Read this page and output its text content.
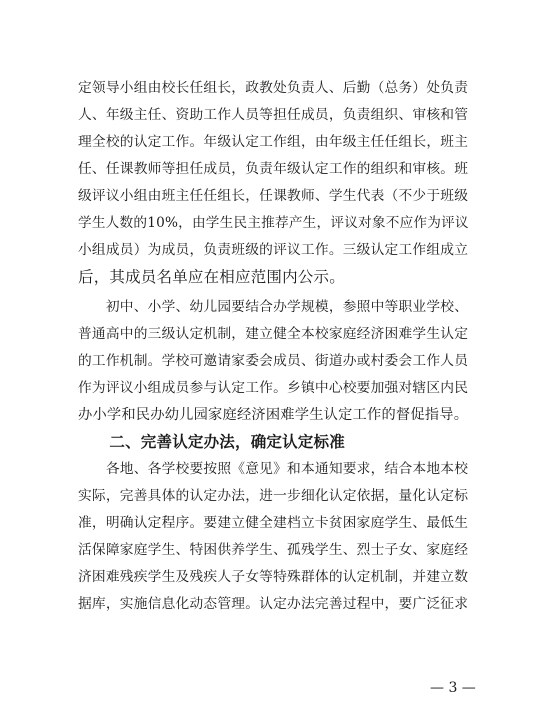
定领导小组由校长任组长，政教处负责人、后勤（总务）处负责
人、年级主任、资助工作人员等担任成员，负责组织、审核和管
理全校的认定工作。年级认定工作组，由年级主任任组长，班主
任、任课教师等担任成员，负责年级认定工作的组织和审核。班
级评议小组由班主任任组长，任课教师、学生代表（不少于班级
学生人数的10%，由学生民主推荐产生，评议对象不应作为评议
小组成员）为成员，负责班级的评议工作。三级认定工作组成立
后，其成员名单应在相应范围内公示。
　　初中、小学、幼儿园要结合办学规模，参照中等职业学校、
普通高中的三级认定机制，建立健全本校家庭经济困难学生认定
的工作机制。学校可邀请家委会成员、街道办或村委会工作人员
作为评议小组成员参与认定工作。乡镇中心校要加强对辖区内民
办小学和民办幼儿园家庭经济困难学生认定工作的督促指导。
　　二、完善认定办法，确定认定标准
　　各地、各学校要按照《意见》和本通知要求，结合本地本校
实际，完善具体的认定办法，进一步细化认定依据，量化认定标
准，明确认定程序。要建立健全建档立卡贫困家庭学生、最低生
活保障家庭学生、特困供养学生、孤残学生、烈士子女、家庭经
济困难残疾学生及残疾人子女等特殊群体的认定机制，并建立数
据库，实施信息化动态管理。认定办法完善过程中，要广泛征求
— 3 —
